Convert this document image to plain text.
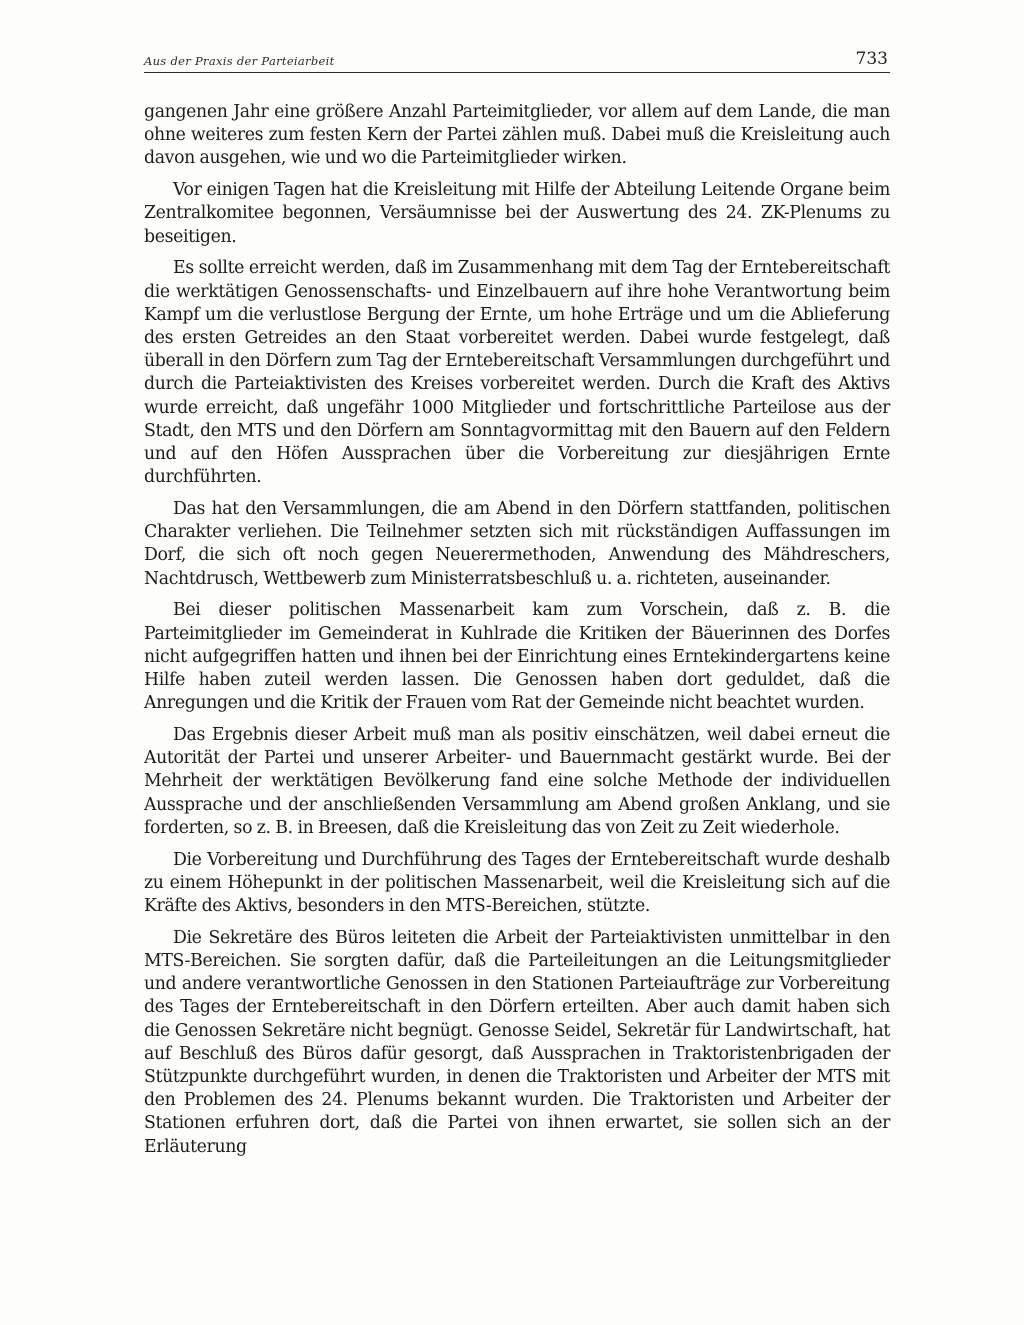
Aus der Praxis der Parteiarbeit	733

gangenen Jahr eine größere Anzahl Parteimitglieder, vor allem auf dem Lande, die man ohne weiteres zum festen Kern der Partei zählen muß. Dabei muß die Kreisleitung auch davon ausgehen, wie und wo die Parteimitglieder wirken.

Vor einigen Tagen hat die Kreisleitung mit Hilfe der Abteilung Leitende Organe beim Zentralkomitee begonnen, Versäumnisse bei der Auswertung des 24. ZK-Plenums zu beseitigen.

Es sollte erreicht werden, daß im Zusammenhang mit dem Tag der Erntebereitschaft die werktätigen Genossenschafts- und Einzelbauern auf ihre hohe Verantwortung beim Kampf um die verlustlose Bergung der Ernte, um hohe Erträge und um die Ablieferung des ersten Getreides an den Staat vorbereitet werden. Dabei wurde festgelegt, daß überall in den Dörfern zum Tag der Erntebereitschaft Versammlungen durchgeführt und durch die Parteiaktivisten des Kreises vorbereitet werden. Durch die Kraft des Aktivs wurde erreicht, daß ungefähr 1000 Mitglieder und fortschrittliche Parteilose aus der Stadt, den MTS und den Dörfern am Sonntagvormittag mit den Bauern auf den Feldern und auf den Höfen Aussprachen über die Vorbereitung zur diesjährigen Ernte durchführten.

Das hat den Versammlungen, die am Abend in den Dörfern stattfanden, politischen Charakter verliehen. Die Teilnehmer setzten sich mit rückständigen Auffassungen im Dorf, die sich oft noch gegen Neuerermethoden, Anwendung des Mähdreschers, Nachtdrusch, Wettbewerb zum Ministerratsbeschluß u. a. richteten, auseinander.

Bei dieser politischen Massenarbeit kam zum Vorschein, daß z. B. die Parteimitglieder im Gemeinderat in Kuhlrade die Kritiken der Bäuerinnen des Dorfes nicht aufgegriffen hatten und ihnen bei der Einrichtung eines Erntekindergartens keine Hilfe haben zuteil werden lassen. Die Genossen haben dort geduldet, daß die Anregungen und die Kritik der Frauen vom Rat der Gemeinde nicht beachtet wurden.

Das Ergebnis dieser Arbeit muß man als positiv einschätzen, weil dabei erneut die Autorität der Partei und unserer Arbeiter- und Bauernmacht gestärkt wurde. Bei der Mehrheit der werktätigen Bevölkerung fand eine solche Methode der individuellen Aussprache und der anschließenden Versammlung am Abend großen Anklang, und sie forderten, so z. B. in Breesen, daß die Kreisleitung das von Zeit zu Zeit wiederhole.

Die Vorbereitung und Durchführung des Tages der Erntebereitschaft wurde deshalb zu einem Höhepunkt in der politischen Massenarbeit, weil die Kreisleitung sich auf die Kräfte des Aktivs, besonders in den MTS-Bereichen, stützte.

Die Sekretäre des Büros leiteten die Arbeit der Parteiaktivisten unmittelbar in den MTS-Bereichen. Sie sorgten dafür, daß die Parteileitungen an die Leitungsmitglieder und andere verantwortliche Genossen in den Stationen Parteiaufträge zur Vorbereitung des Tages der Erntebereitschaft in den Dörfern erteilten. Aber auch damit haben sich die Genossen Sekretäre nicht begnügt. Genosse Seidel, Sekretär für Landwirtschaft, hat auf Beschluß des Büros dafür gesorgt, daß Aussprachen in Traktoristenbrigaden der Stützpunkte durchgeführt wurden, in denen die Traktoristen und Arbeiter der MTS mit den Problemen des 24. Plenums bekannt wurden. Die Traktoristen und Arbeiter der Stationen erfuhren dort, daß die Partei von ihnen erwartet, sie sollen sich an der Erläuterung
